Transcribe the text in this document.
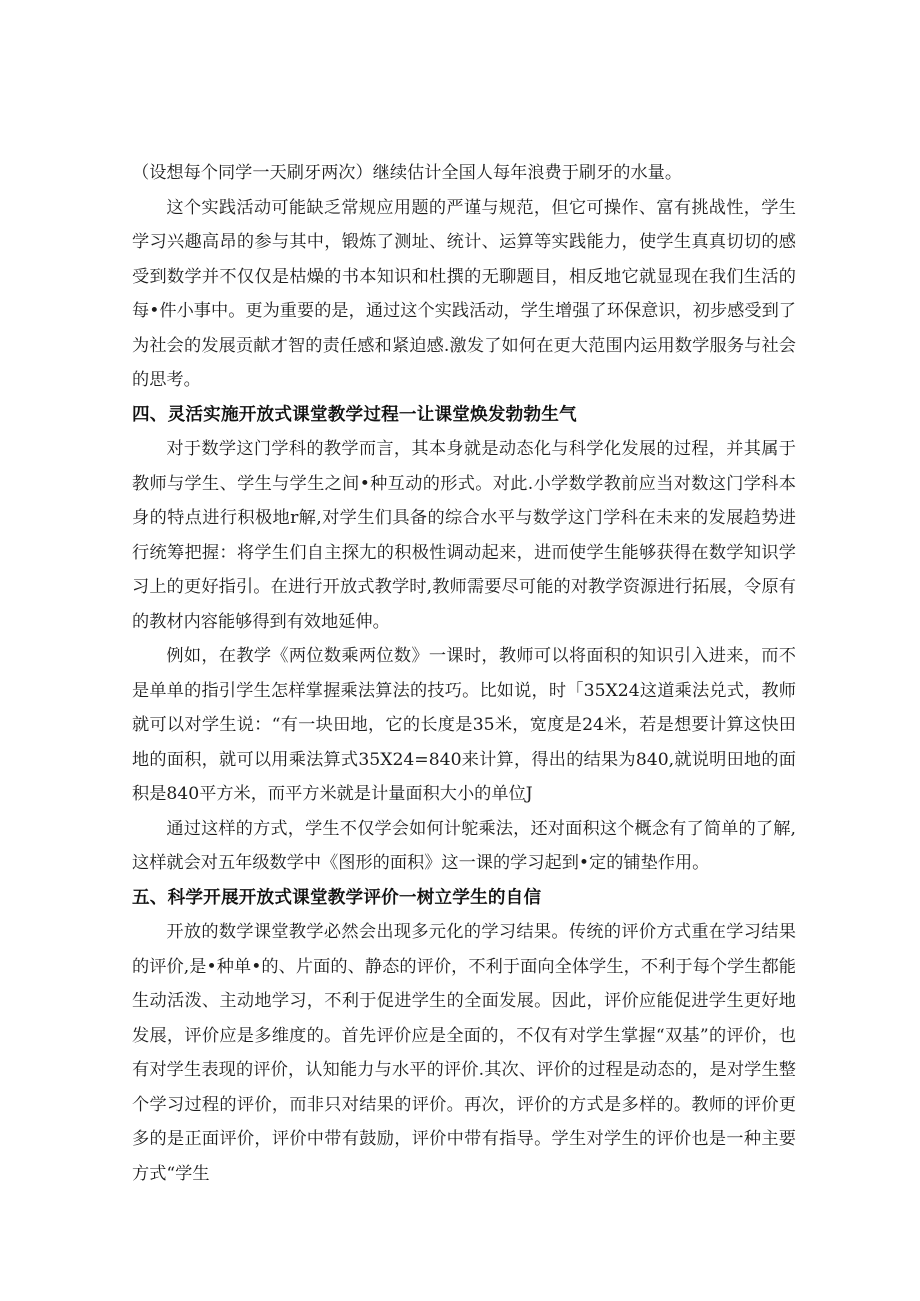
（设想每个同学一天刷牙两次）继续估计全国人每年浪费于刷牙的水量。

这个实践活动可能缺乏常规应用题的严谨与规范，但它可操作、富有挑战性，学生学习兴趣高昂的参与其中，锻炼了测址、统计、运算等实践能力，使学生真真切切的感受到数学并不仅仅是枯燥的书本知识和杜撰的无聊题目，相反地它就显现在我们生活的每•件小事中。更为重要的是，通过这个实践活动，学生增强了环保意识，初步感受到了为社会的发展贡献才智的责任感和紧迫感.激发了如何在更大范围内运用数学服务与社会的思考。

四、灵活实施开放式课堂教学过程一让课堂焕发勃勃生气

对于数学这门学科的教学而言，其本身就是动态化与科学化发展的过程，并其属于教师与学生、学生与学生之间•种互动的形式。对此.小学数学教前应当对数这门学科本身的特点进行积极地r解,对学生们具备的综合水平与数学这门学科在未来的发展趋势进行统筹把握：将学生们自主探尢的积极性调动起来，进而使学生能够获得在数学知识学习上的更好指引。在进行开放式教学时,教师需要尽可能的对教学资源进行拓展，令原有的教材内容能够得到有效地延伸。

例如，在教学《两位数乘两位数》一课时，教师可以将面积的知识引入进来，而不是单单的指引学生怎样掌握乘法算法的技巧。比如说，时「35X24这道乘法兑式，教师就可以对学生说：“有一块田地，它的长度是35米，宽度是24米，若是想要计算这快田地的面积，就可以用乘法算式35X24=840来计算，得出的结果为840,就说明田地的面积是840平方米，而平方米就是计量面积大小的单位J

通过这样的方式，学生不仅学会如何计鸵乘法，还对面积这个概念有了简单的了解,这样就会对五年级数学中《图形的面积》这一课的学习起到•定的铺垫作用。

五、科学开展开放式课堂教学评价一树立学生的自信

开放的数学课堂教学必然会出现多元化的学习结果。传统的评价方式重在学习结果的评价,是•种单•的、片面的、静态的评价，不利于面向全体学生，不利于每个学生都能生动活泼、主动地学习，不利于促进学生的全面发展。因此，评价应能促进学生更好地发展，评价应是多维度的。首先评价应是全面的，不仅有对学生掌握“双基”的评价，也有对学生表现的评价，认知能力与水平的评价.其次、评价的过程是动态的，是对学生整个学习过程的评价，而非只对结果的评价。再次，评价的方式是多样的。教师的评价更多的是正面评价，评价中带有鼓励，评价中带有指导。学生对学生的评价也是一种主要方式“学生
